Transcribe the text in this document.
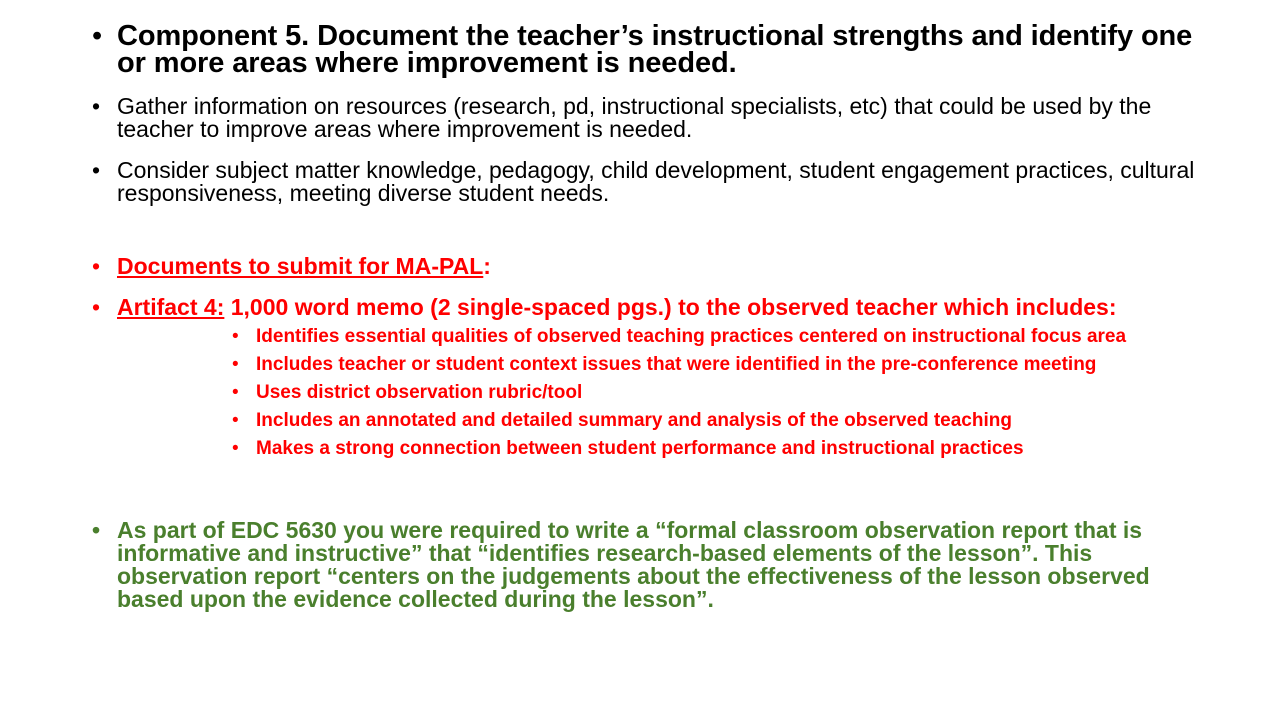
• Component 5. Document the teacher’s instructional strengths and identify one or more areas where improvement is needed.
• Gather information on resources (research, pd, instructional specialists, etc) that could be used by the teacher to improve areas where improvement is needed.
• Consider subject matter knowledge, pedagogy, child development, student engagement practices, cultural responsiveness, meeting diverse student needs.
• Documents to submit for MA-PAL:
• Artifact 4: 1,000 word memo (2 single-spaced pgs.) to the observed teacher which includes:
• Identifies essential qualities of observed teaching practices centered on instructional focus area
• Includes teacher or student context issues that were identified in the pre-conference meeting
• Uses district observation rubric/tool
• Includes an annotated and detailed summary and analysis of the observed teaching
• Makes a strong connection between student performance and instructional practices
• As part of EDC 5630 you were required to write a “formal classroom observation report that is informative and instructive” that “identifies research-based elements of the lesson”. This observation report “centers on the judgements about the effectiveness of the lesson observed based upon the evidence collected during the lesson”.
